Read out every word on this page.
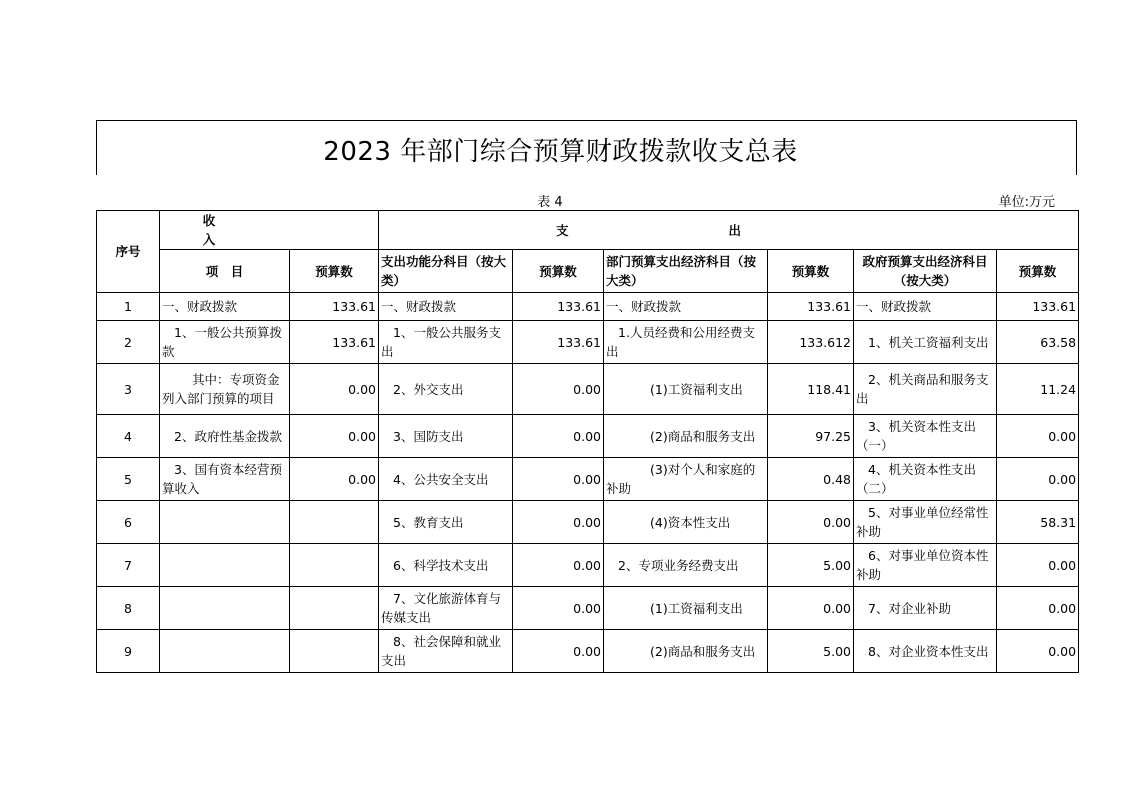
2023 年部门综合预算财政拨款收支总表
表 4	单位:万元
序号	收入		支出					
	项　目	预算数	支出功能分科目（按大类）	预算数	部门预算支出经济科目（按大类）	预算数	政府预算支出经济科目（按大类）	预算数
1	一、财政拨款	133.61	一、财政拨款	133.61	一、财政拨款	133.61	一、财政拨款	133.61
2	1、一般公共预算拨款	133.61	1、一般公共服务支出	133.61	1.人员经费和公用经费支出	133.612	1、机关工资福利支出	63.58
3	其中：专项资金列入部门预算的项目	0.00	2、外交支出	0.00	(1)工资福利支出	118.41	2、机关商品和服务支出	11.24
4	2、政府性基金拨款	0.00	3、国防支出	0.00	(2)商品和服务支出	97.25	3、机关资本性支出（一）	0.00
5	3、国有资本经营预算收入	0.00	4、公共安全支出	0.00	(3)对个人和家庭的补助	0.48	4、机关资本性支出（二）	0.00
6			5、教育支出	0.00	(4)资本性支出	0.00	5、对事业单位经常性补助	58.31
7			6、科学技术支出	0.00	2、专项业务经费支出	5.00	6、对事业单位资本性补助	0.00
8			7、文化旅游体育与传媒支出	0.00	(1)工资福利支出	0.00	7、对企业补助	0.00
9			8、社会保障和就业支出	0.00	(2)商品和服务支出	5.00	8、对企业资本性支出	0.00
